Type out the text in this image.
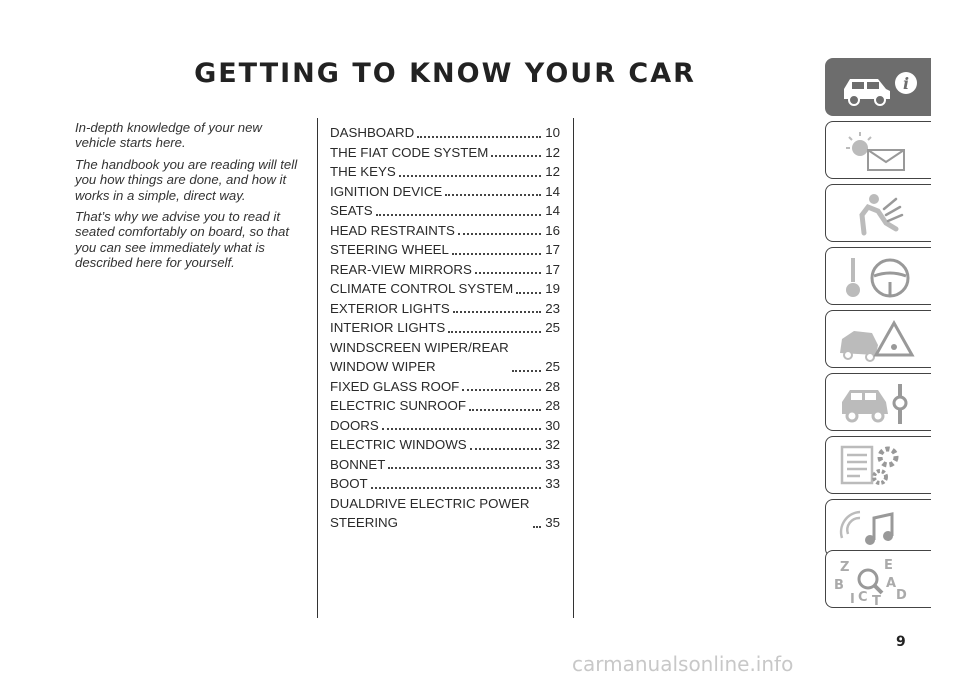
GETTING TO KNOW YOUR CAR

In-depth knowledge of your new vehicle starts here.

The handbook you are reading will tell you how things are done, and how it works in a simple, direct way.

That’s why we advise you to read it seated comfortably on board, so that you can see immediately what is described here for yourself.

DASHBOARD	10
THE FIAT CODE SYSTEM	12
THE KEYS	12
IGNITION DEVICE	14
SEATS	14
HEAD RESTRAINTS	16
STEERING WHEEL	17
REAR-VIEW MIRRORS	17
CLIMATE CONTROL SYSTEM 19
EXTERIOR LIGHTS	23
INTERIOR LIGHTS	25
WINDSCREEN WIPER/REAR
WINDOW WIPER	25
FIXED GLASS ROOF	28
ELECTRIC SUNROOF	28
DOORS	30
ELECTRIC WINDOWS	32
BONNET	33
BOOT	33
DUALDRIVE ELECTRIC POWER
STEERING	35
i
Z	E
B	A
D
I C T
9
carmanualsonline.info
